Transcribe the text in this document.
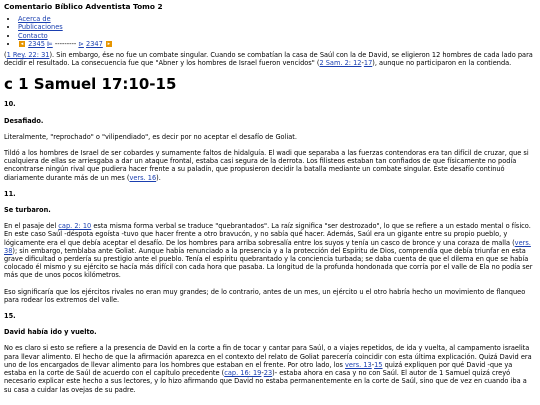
Comentario Bíblico Adventista Tomo 2
• Acerca de
• Publicaciones
• Contacto
• ◂ 2345 ⊫ --------- ⊳ 2347 ▸
(1 Rey. 22: 31). Sin embargo, ése no fue un combate singular. Cuando se combatían la casa de Saúl con la de David, se eligieron 12 hombres de cada lado para decidir el resultado. La consecuencia fue que "Abner y los hombres de Israel fueron vencidos" (2 Sam. 2: 12-17), aunque no participaron en la contienda.
c 1 Samuel 17:10-15
10.
Desafiado.

Literalmente, "reprochado" o "vilipendiado", es decir por no aceptar el desafío de Goliat.

Tildó a los hombres de Israel de ser cobardes y sumamente faltos de hidalguía. El wadi que separaba a las fuerzas contendoras era tan difícil de cruzar, que si cualquiera de ellas se arriesgaba a dar un ataque frontal, estaba casi segura de la derrota. Los filisteos estaban tan confiados de que físicamente no podía encontrarse ningún rival que pudiera hacer frente a su paladín, que propusieron decidir la batalla mediante un combate singular. Este desafío continuó diariamente durante más de un mes (vers. 16).

11.
Se turbaron.

En el pasaje del cap. 2: 10 esta misma forma verbal se traduce "quebrantados". La raíz significa "ser destrozado", lo que se refiere a un estado mental o físico. En este caso Saúl -déspota egoísta -tuvo que hacer frente a otro bravucón, y no sabía qué hacer. Además, Saúl era un gigante entre su propio pueblo, y lógicamente era el que debía aceptar el desafío. De los hombres para arriba sobresalía entre los suyos y tenía un casco de bronce y una coraza de malla (vers. 38); sin embargo, temblaba ante Goliat. Aunque había renunciado a la presencia y a la protección del Espíritu de Dios, comprendía que debía triunfar en esta grave dificultad o perdería su prestigio ante el pueblo. Tenía el espíritu quebrantado y la conciencia turbada; se daba cuenta de que el dilema en que se había colocado él mismo y su ejército se hacía más difícil con cada hora que pasaba. La longitud de la profunda hondonada que corría por el valle de Ela no podía ser más que de unos pocos kilómetros.

Eso significaría que los ejércitos rivales no eran muy grandes; de lo contrario, antes de un mes, un ejército u el otro habría hecho un movimiento de flanqueo para rodear los extremos del valle.

15.
David había ido y vuelto.

No es claro si esto se refiere a la presencia de David en la corte a fin de tocar y cantar para Saúl, o a viajes repetidos, de ida y vuelta, al campamento israelita para llevar alimento. El hecho de que la afirmación aparezca en el contexto del relato de Goliat parecería coincidir con esta última explicación. Quizá David era uno de los encargados de llevar alimento para los hombres que estaban en el frente. Por otro lado, los vers. 13-15 quizá expliquen por qué David -que ya estaba en la corte de Saúl de acuerdo con el capítulo precedente (cap. 16: 19-23)- estaba ahora en casa y no con Saúl. El autor de 1 Samuel quizá creyó necesario explicar este hecho a sus lectores, y lo hizo afirmando que David no estaba permanentemente en la corte de Saúl, sino que de vez en cuando iba a su casa a cuidar las ovejas de su padre.
